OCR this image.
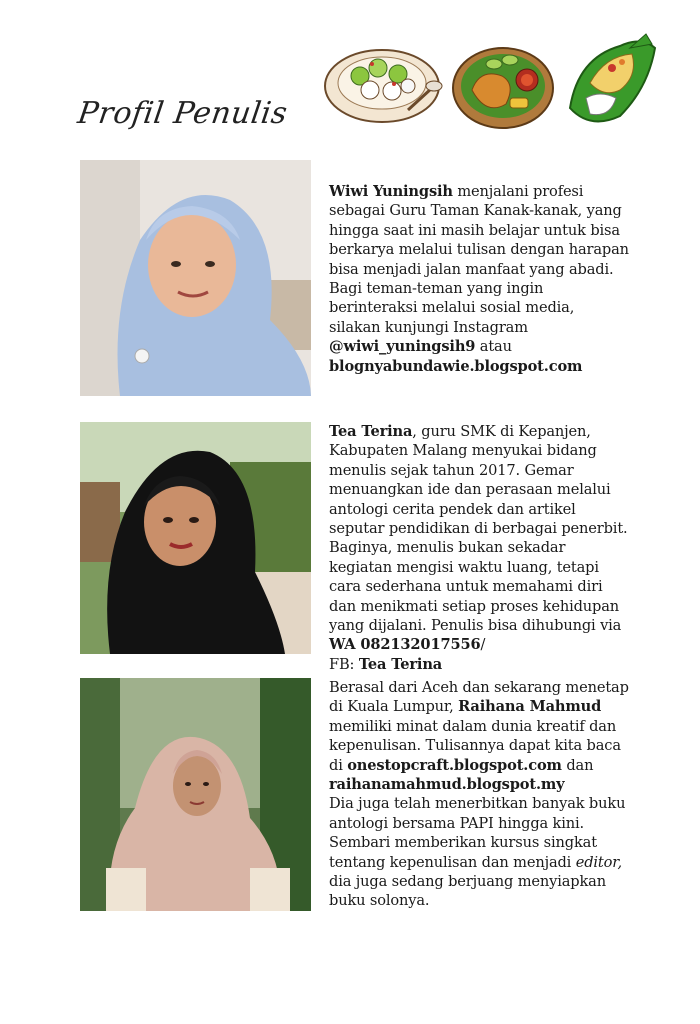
Profil Penulis
Wiwi Yuningsih menjalani profesi sebagai Guru Taman Kanak-kanak, yang hingga saat ini masih belajar untuk bisa berkarya melalui tulisan dengan harapan bisa menjadi jalan manfaat yang abadi. Bagi teman-teman yang ingin berinteraksi melalui sosial media, silakan kunjungi Instagram @wiwi_yuningsih9 atau blognyabundawie.blogspot.com
Tea Terina, guru SMK di Kepanjen, Kabupaten Malang menyukai bidang menulis sejak tahun 2017. Gemar menuangkan ide dan perasaan melalui antologi cerita pendek dan artikel seputar pendidikan di berbagai penerbit. Baginya, menulis bukan sekadar kegiatan mengisi waktu luang, tetapi cara sederhana untuk memahami diri dan menikmati setiap proses kehidupan yang dijalani. Penulis bisa dihubungi via WA 082132017556/
FB: Tea Terina
Berasal dari Aceh dan sekarang menetap di Kuala Lumpur, Raihana Mahmud memiliki minat dalam dunia kreatif dan kepenulisan. Tulisannya dapat kita baca di onestopcraft.blogspot.com dan raihanamahmud.blogspot.my
Dia juga telah menerbitkan banyak buku antologi bersama PAPI hingga kini. Sembari memberikan kursus singkat tentang kepenulisan dan menjadi editor, dia juga sedang berjuang menyiapkan buku solonya.
